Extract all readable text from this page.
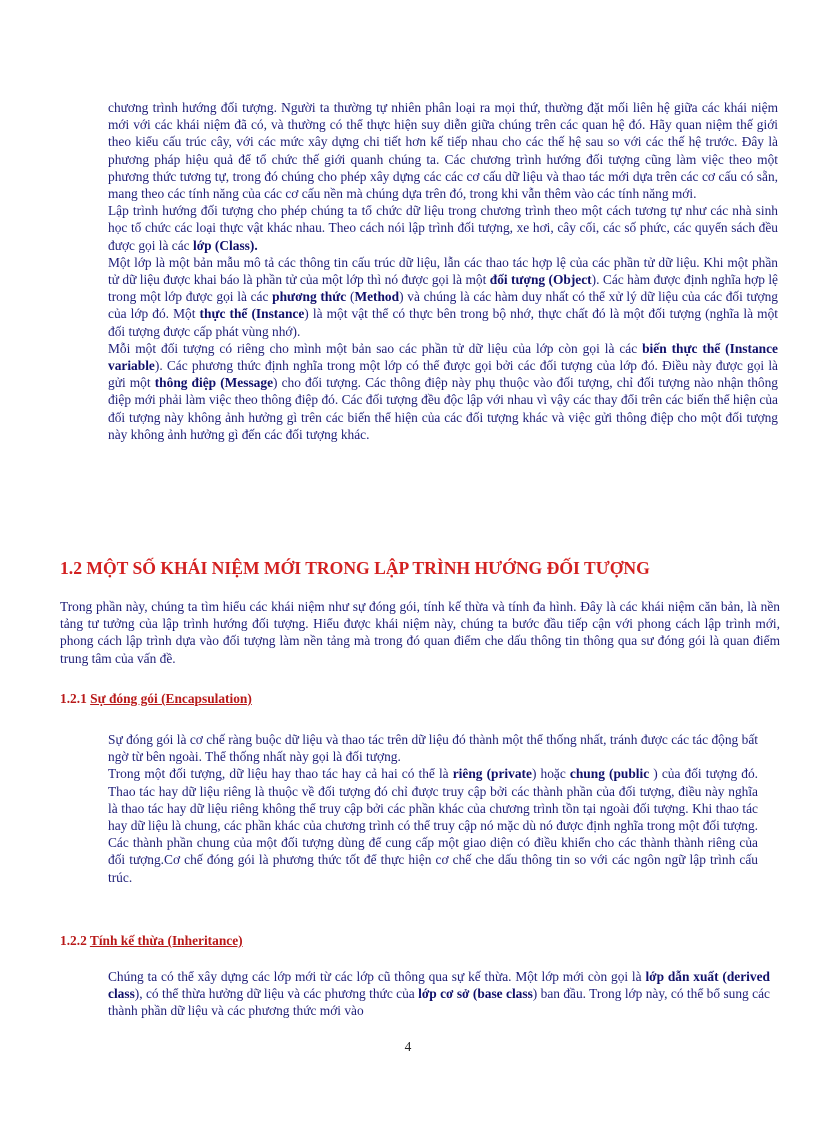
chương trình hướng đối tượng. Người ta thường tự nhiên phân loại ra mọi thứ, thường đặt mối liên hệ giữa các khái niệm mới với các khái niệm đã có, và thường có thể thực hiện suy diễn giữa chúng trên các quan hệ đó. Hãy quan niệm thế giới theo kiểu cấu trúc cây, với các mức xây dựng chi tiết hơn kế tiếp nhau cho các thế hệ sau so với các thế hệ trước. Đây là phương pháp hiệu quả để tổ chức thế giới quanh chúng ta. Các chương trình hướng đối tượng cũng làm việc theo một phương thức tương tự, trong đó chúng cho phép xây dựng các các cơ cấu dữ liệu và thao tác mới dựa trên các cơ cấu có sẵn, mang theo các tính năng của các cơ cấu nền mà chúng dựa trên đó, trong khi vẫn thêm vào các tính năng mới.

Lập trình hướng đối tượng cho phép chúng ta tổ chức dữ liệu trong chương trình theo một cách tương tự như các nhà sinh học tổ chức các loại thực vật khác nhau. Theo cách nói lập trình đối tượng, xe hơi, cây cối, các số phức, các quyển sách đều được gọi là các lớp (Class).

Một lớp là một bản mẫu mô tả các thông tin cấu trúc dữ liệu, lẫn các thao tác hợp lệ của các phần tử dữ liệu. Khi một phần tử dữ liệu được khai báo là phần tử của một lớp thì nó được gọi là một đối tượng (Object). Các hàm được định nghĩa hợp lệ trong một lớp được gọi là các phương thức (Method) và chúng là các hàm duy nhất có thể xử lý dữ liệu của các đối tượng của lớp đó. Một thực thể (Instance) là một vật thể có thực bên trong bộ nhớ, thực chất đó là một đối tượng (nghĩa là một đối tượng được cấp phát vùng nhớ).

Mỗi một đối tượng có riêng cho mình một bản sao các phần tử dữ liệu của lớp còn gọi là các biến thực thể (Instance variable). Các phương thức định nghĩa trong một lớp có thể được gọi bởi các đối tượng của lớp đó. Điều này được gọi là gửi một thông điệp (Message) cho đối tượng. Các thông điệp này phụ thuộc vào đối tượng, chỉ đối tượng nào nhận thông điệp mới phải làm việc theo thông điệp đó. Các đối tượng đều độc lập với nhau vì vậy các thay đổi trên các biến thể hiện của đối tượng này không ảnh hưởng gì trên các biến thể hiện của các đối tượng khác và việc gửi thông điệp cho một đối tượng này không ảnh hưởng gì đến các đối tượng khác.

1.2 MỘT SỐ KHÁI NIỆM MỚI TRONG LẬP TRÌNH HƯỚNG ĐỐI TƯỢNG

Trong phần này, chúng ta tìm hiểu các khái niệm như sự đóng gói, tính kế thừa và tính đa hình. Đây là các khái niệm căn bản, là nền tảng tư tưởng của lập trình hướng đối tượng. Hiểu được khái niệm này, chúng ta bước đầu tiếp cận với phong cách lập trình mới, phong cách lập trình dựa vào đối tượng làm nền tảng mà trong đó quan điểm che dấu thông tin thông qua sư đóng gói là quan điểm trung tâm của vấn đề.

1.2.1 Sự đóng gói (Encapsulation)

Sự đóng gói là cơ chế ràng buộc dữ liệu và thao tác trên dữ liệu đó thành một thể thống nhất, tránh được các tác động bất ngờ từ bên ngoài. Thể thống nhất này gọi là đối tượng.

Trong một đối tượng, dữ liệu hay thao tác hay cả hai có thể là riêng (private) hoặc chung (public ) của đối tượng đó. Thao tác hay dữ liệu riêng là thuộc về đối tượng đó chỉ được truy cập bởi các thành phần của đối tượng, điều này nghĩa là thao tác hay dữ liệu riêng không thể truy cập bởi các phần khác của chương trình tồn tại ngoài đối tượng. Khi thao tác hay dữ liệu là chung, các phần khác của chương trình có thể truy cập nó mặc dù nó được định nghĩa trong một đối tượng. Các thành phần chung của một đối tượng dùng để cung cấp một giao diện có điều khiển cho các thành thành riêng của đối tượng.Cơ chế đóng gói là phương thức tốt để thực hiện cơ chế che dấu thông tin so với các ngôn ngữ lập trình cấu trúc.

1.2.2 Tính kế thừa (Inheritance)

Chúng ta có thể xây dựng các lớp mới từ các lớp cũ thông qua sự kế thừa. Một lớp mới còn gọi là lớp dẫn xuất (derived class), có thể thừa hưởng dữ liệu và các phương thức của lớp cơ sở (base class) ban đầu. Trong lớp này, có thể bổ sung các thành phần dữ liệu và các phương thức mới vào

4
